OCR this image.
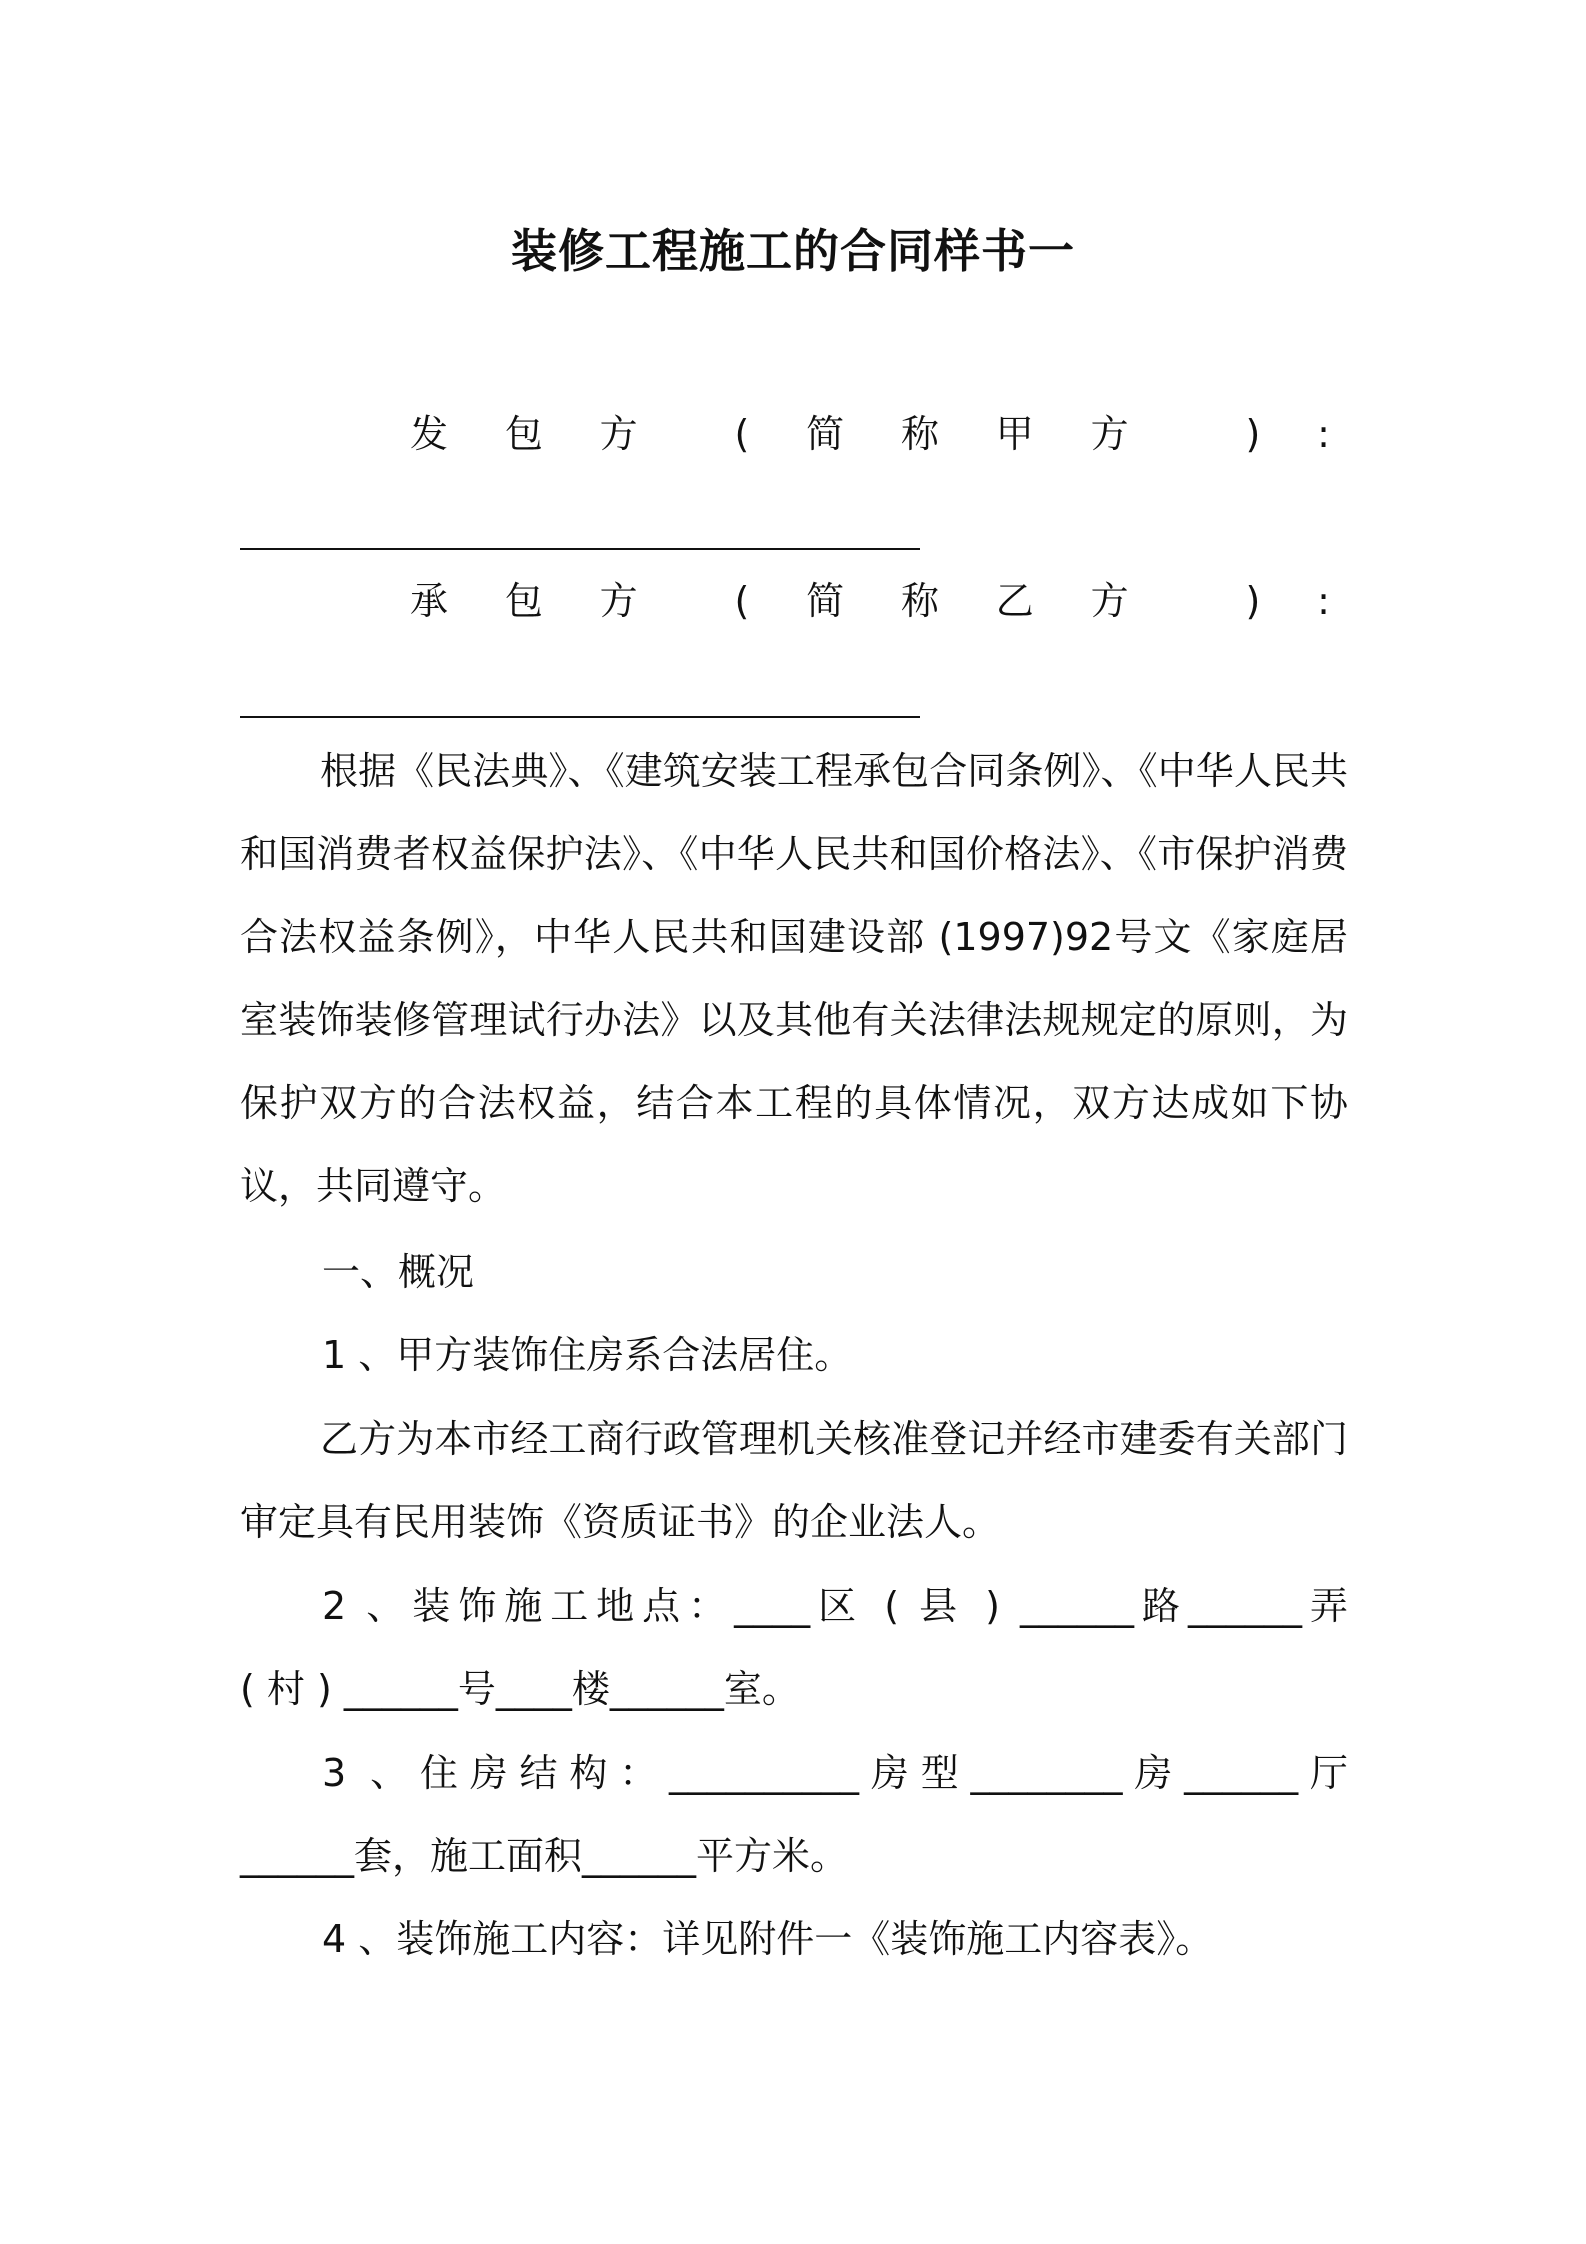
装修工程施工的合同样书一
发 包 方	( 简 称 甲 方	) :
承 包 方	( 简 称 乙 方	) :

根据《民法典》、《建筑安装工程承包合同条例》、《中华人民共和国消费者权益保护法》、《中华人民共和国价格法》、《市保护消费合法权益条例》，中华人民共和国建设部 (1997)92号文《家庭居室装饰装修管理试行办法》以及其他有关法律法规规定的原则，为保护双方的合法权益，结合本工程的具体情况，双方达成如下协议，共同遵守。

一、概况

1 、甲方装饰住房系合法居住。

乙方为本市经工商行政管理机关核准登记并经市建委有关部门审定具有民用装饰《资质证书》的企业法人。

2 、装饰施工地点：____区 ( 县 ) ______路______弄

( 村 ) ______号____楼______室。

3 、住房结构：__________房型________房______厅

______套，施工面积______平方米。

4 、装饰施工内容：详见附件一《装饰施工内容表》。
